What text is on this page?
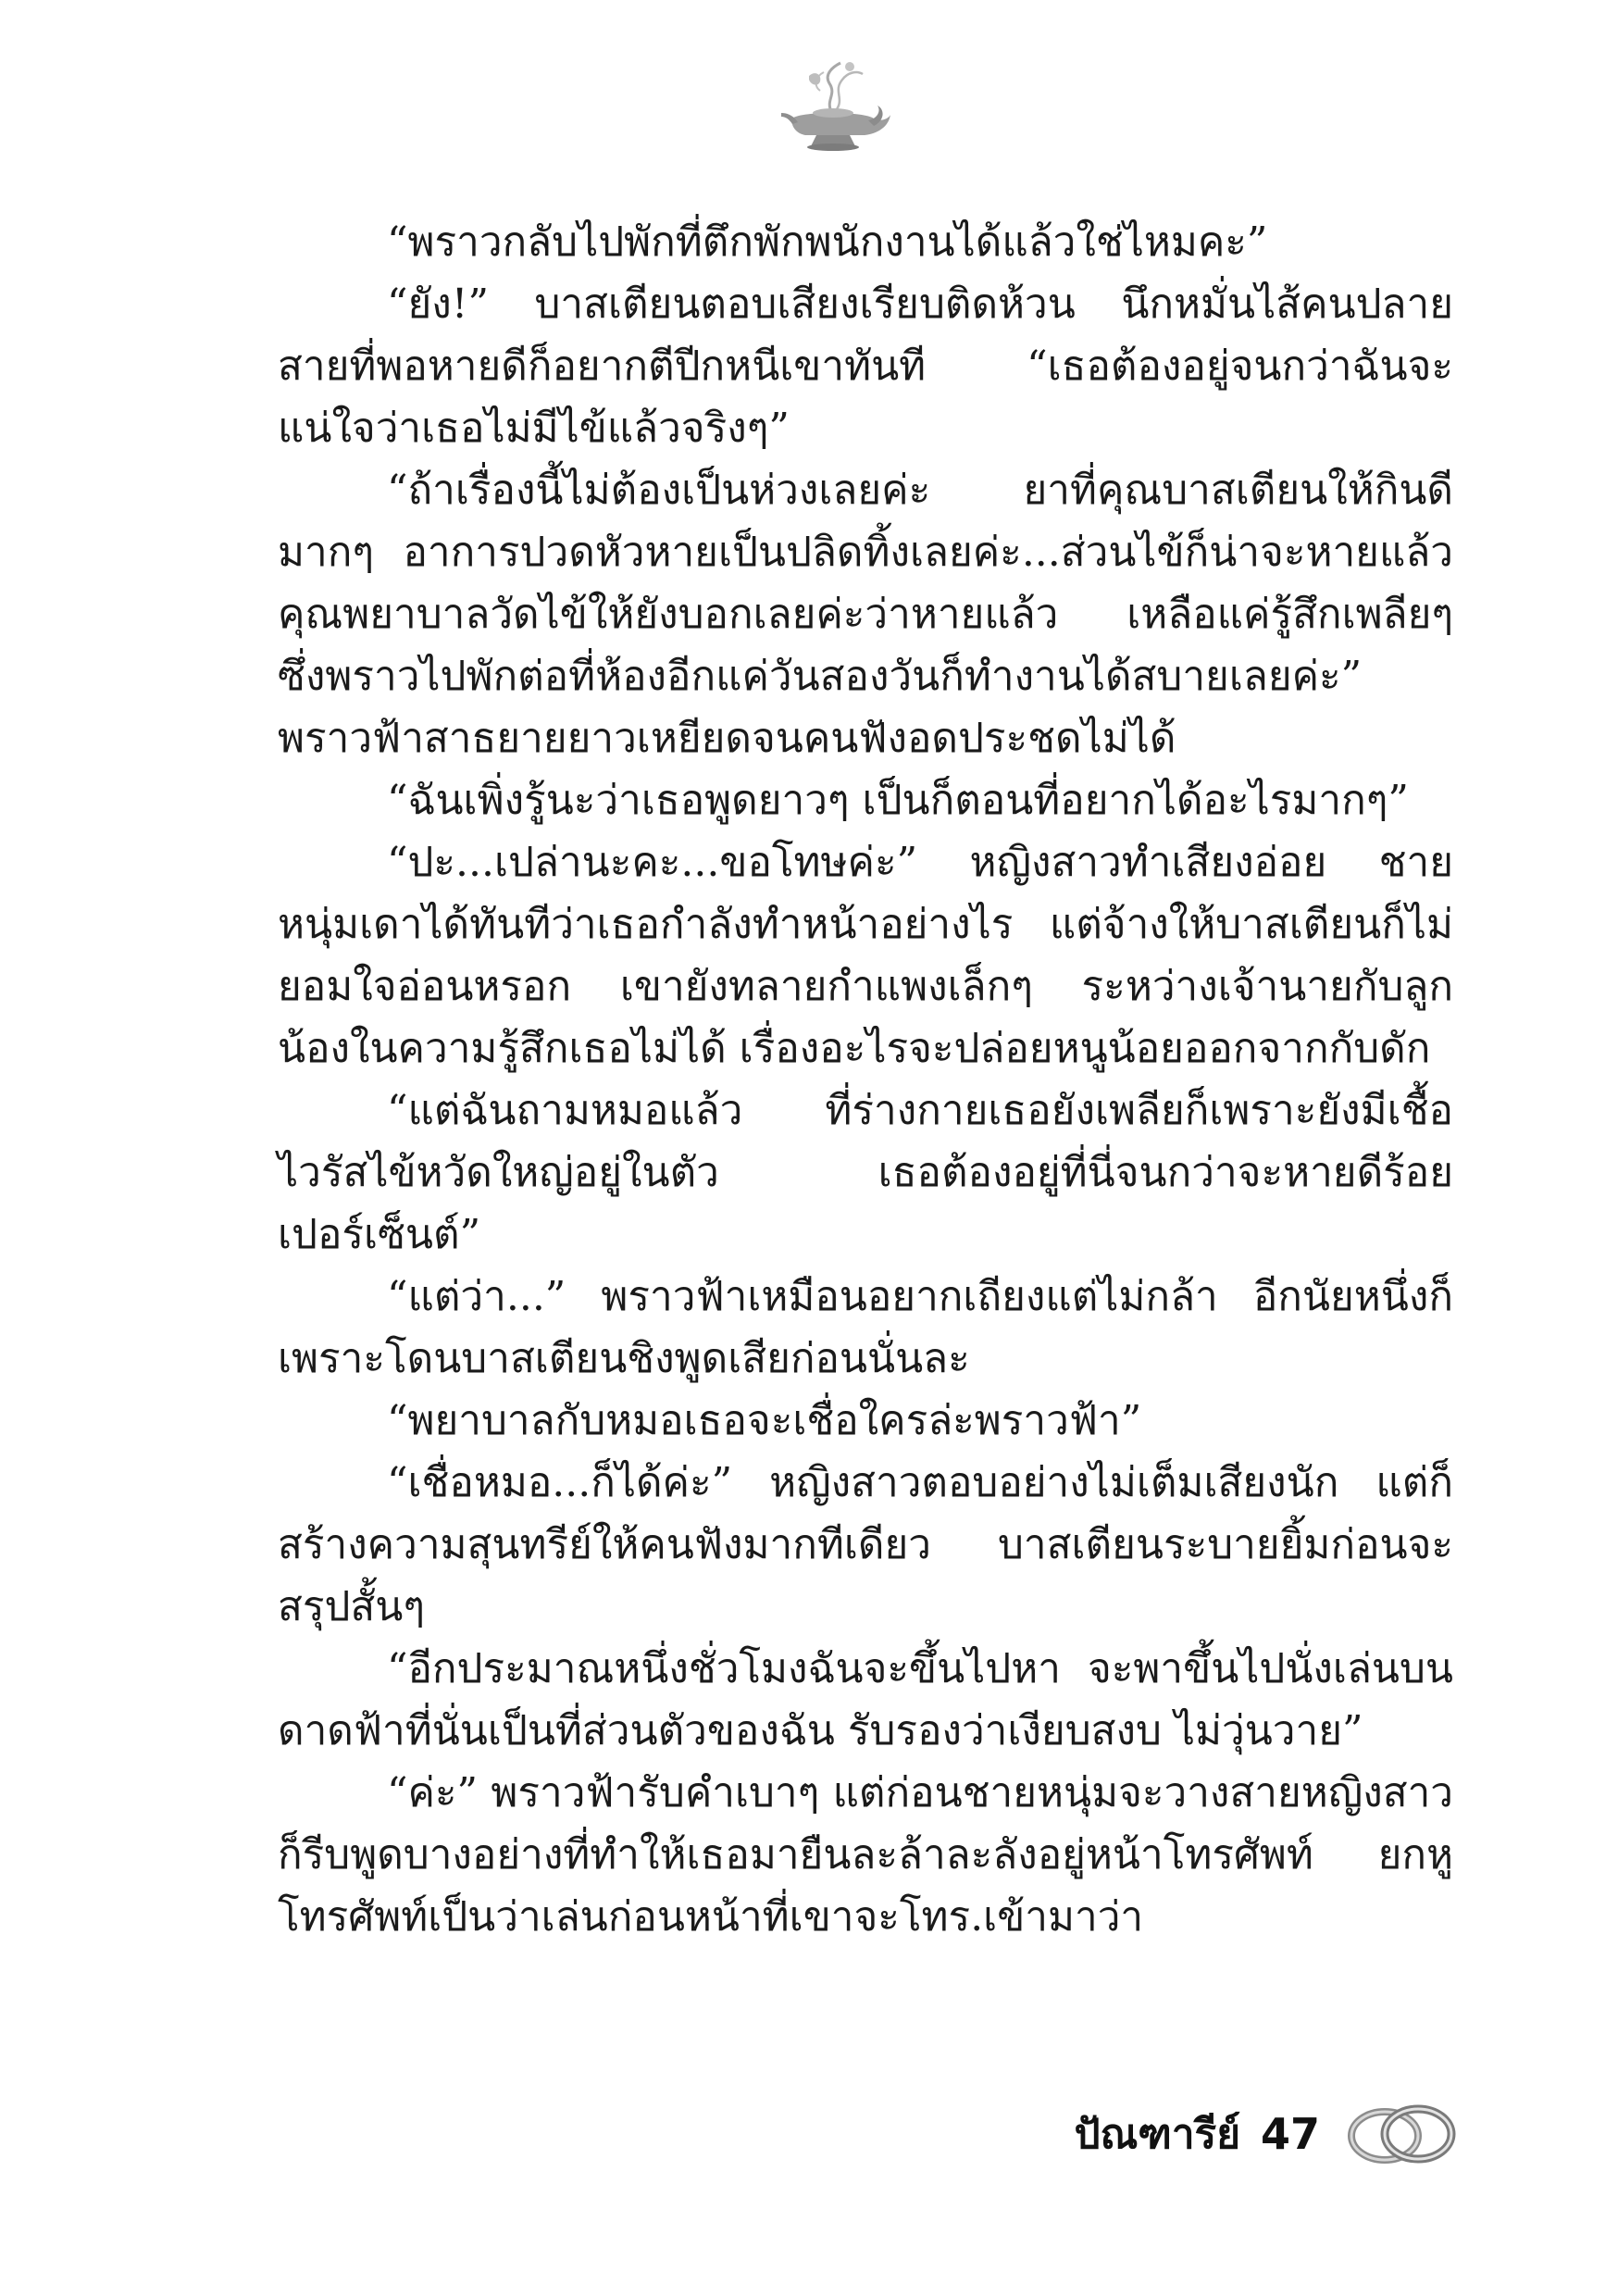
“พราวกลับไปพักที่ตึกพักพนักงานได้แล้วใช่ไหมคะ”

“ยัง!” บาสเตียนตอบเสียงเรียบติดห้วน นึกหมั่นไส้คนปลายสายที่พอหายดีก็อยากตีปีกหนีเขาทันที “เธอต้องอยู่จนกว่าฉันจะแน่ใจว่าเธอไม่มีไข้แล้วจริงๆ”

“ถ้าเรื่องนี้ไม่ต้องเป็นห่วงเลยค่ะ ยาที่คุณบาสเตียนให้กินดีมากๆ อาการปวดหัวหายเป็นปลิดทิ้งเลยค่ะ...ส่วนไข้ก็น่าจะหายแล้ว คุณพยาบาลวัดไข้ให้ยังบอกเลยค่ะว่าหายแล้ว เหลือแค่รู้สึกเพลียๆ ซึ่งพราวไปพักต่อที่ห้องอีกแค่วันสองวันก็ทำงานได้สบายเลยค่ะ” พราวฟ้าสาธยายยาวเหยียดจนคนฟังอดประชดไม่ได้

“ฉันเพิ่งรู้นะว่าเธอพูดยาวๆ เป็นก็ตอนที่อยากได้อะไรมากๆ”

“ปะ...เปล่านะคะ...ขอโทษค่ะ” หญิงสาวทำเสียงอ่อย ชายหนุ่มเดาได้ทันทีว่าเธอกำลังทำหน้าอย่างไร แต่จ้างให้บาสเตียนก็ไม่ยอมใจอ่อนหรอก เขายังทลายกำแพงเล็กๆ ระหว่างเจ้านายกับลูกน้องในความรู้สึกเธอไม่ได้ เรื่องอะไรจะปล่อยหนูน้อยออกจากกับดัก

“แต่ฉันถามหมอแล้ว ที่ร่างกายเธอยังเพลียก็เพราะยังมีเชื้อไวรัสไข้หวัดใหญ่อยู่ในตัว เธอต้องอยู่ที่นี่จนกว่าจะหายดีร้อยเปอร์เซ็นต์”

“แต่ว่า...” พราวฟ้าเหมือนอยากเถียงแต่ไม่กล้า อีกนัยหนึ่งก็เพราะโดนบาสเตียนชิงพูดเสียก่อนนั่นละ

“พยาบาลกับหมอเธอจะเชื่อใครล่ะพราวฟ้า”

“เชื่อหมอ...ก็ได้ค่ะ” หญิงสาวตอบอย่างไม่เต็มเสียงนัก แต่ก็สร้างความสุนทรีย์ให้คนฟังมากทีเดียว บาสเตียนระบายยิ้มก่อนจะสรุปสั้นๆ

“อีกประมาณหนึ่งชั่วโมงฉันจะขึ้นไปหา จะพาขึ้นไปนั่งเล่นบนดาดฟ้าที่นั่นเป็นที่ส่วนตัวของฉัน รับรองว่าเงียบสงบ ไม่วุ่นวาย”

“ค่ะ” พราวฟ้ารับคำเบาๆ แต่ก่อนชายหนุ่มจะวางสายหญิงสาวก็รีบพูดบางอย่างที่ทำให้เธอมายืนละล้าละลังอยู่หน้าโทรศัพท์ ยกหูโทรศัพท์เป็นว่าเล่นก่อนหน้าที่เขาจะโทร.เข้ามาว่า

ปัณฑารีย์ 47
